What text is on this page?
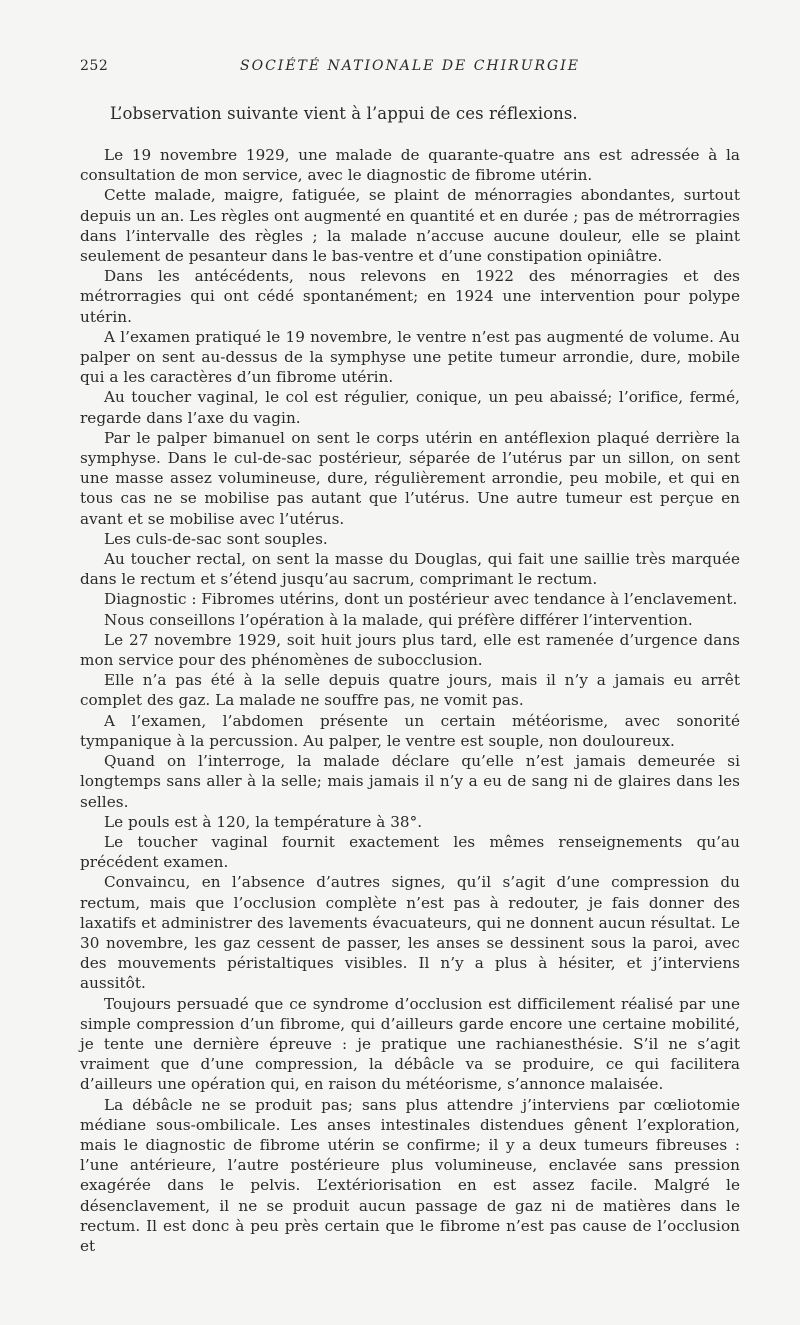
252	SOCIÉTÉ NATIONALE DE CHIRURGIE
L’observation suivante vient à l’appui de ces réflexions.

Le 19 novembre 1929, une malade de quarante-quatre ans est adressée à la consultation de mon service, avec le diagnostic de fibrome utérin.

Cette malade, maigre, fatiguée, se plaint de ménorragies abondantes, surtout depuis un an. Les règles ont augmenté en quantité et en durée ; pas de métrorragies dans l’intervalle des règles ; la malade n’accuse aucune douleur, elle se plaint seulement de pesanteur dans le bas-ventre et d’une constipation opiniâtre.

Dans les antécédents, nous relevons en 1922 des ménorragies et des métrorragies qui ont cédé spontanément; en 1924 une intervention pour polype utérin.

A l’examen pratiqué le 19 novembre, le ventre n’est pas augmenté de volume. Au palper on sent au-dessus de la symphyse une petite tumeur arrondie, dure, mobile qui a les caractères d’un fibrome utérin.

Au toucher vaginal, le col est régulier, conique, un peu abaissé; l’orifice, fermé, regarde dans l’axe du vagin.

Par le palper bimanuel on sent le corps utérin en antéflexion plaqué derrière la symphyse. Dans le cul-de-sac postérieur, séparée de l’utérus par un sillon, on sent une masse assez volumineuse, dure, régulièrement arrondie, peu mobile, et qui en tous cas ne se mobilise pas autant que l’utérus. Une autre tumeur est perçue en avant et se mobilise avec l’utérus.

Les culs-de-sac sont souples.

Au toucher rectal, on sent la masse du Douglas, qui fait une saillie très marquée dans le rectum et s’étend jusqu’au sacrum, comprimant le rectum.

Diagnostic : Fibromes utérins, dont un postérieur avec tendance à l’enclavement.

Nous conseillons l’opération à la malade, qui préfère différer l’intervention.

Le 27 novembre 1929, soit huit jours plus tard, elle est ramenée d’urgence dans mon service pour des phénomènes de subocclusion.

Elle n’a pas été à la selle depuis quatre jours, mais il n’y a jamais eu arrêt complet des gaz. La malade ne souffre pas, ne vomit pas.

A l’examen, l’abdomen présente un certain météorisme, avec sonorité tympanique à la percussion. Au palper, le ventre est souple, non douloureux.

Quand on l’interroge, la malade déclare qu’elle n’est jamais demeurée si longtemps sans aller à la selle; mais jamais il n’y a eu de sang ni de glaires dans les selles.

Le pouls est à 120, la température à 38°.

Le toucher vaginal fournit exactement les mêmes renseignements qu’au précédent examen.

Convaincu, en l’absence d’autres signes, qu’il s’agit d’une compression du rectum, mais que l’occlusion complète n’est pas à redouter, je fais donner des laxatifs et administrer des lavements évacuateurs, qui ne donnent aucun résultat. Le 30 novembre, les gaz cessent de passer, les anses se dessinent sous la paroi, avec des mouvements péristaltiques visibles. Il n’y a plus à hésiter, et j’interviens aussitôt.

Toujours persuadé que ce syndrome d’occlusion est difficilement réalisé par une simple compression d’un fibrome, qui d’ailleurs garde encore une certaine mobilité, je tente une dernière épreuve : je pratique une rachianesthésie. S’il ne s’agit vraiment que d’une compression, la débâcle va se produire, ce qui facilitera d’ailleurs une opération qui, en raison du météorisme, s’annonce malaisée.

La débâcle ne se produit pas; sans plus attendre j’interviens par cœliotomie médiane sous-ombilicale. Les anses intestinales distendues gênent l’exploration, mais le diagnostic de fibrome utérin se confirme; il y a deux tumeurs fibreuses : l’une antérieure, l’autre postérieure plus volumineuse, enclavée sans pression exagérée dans le pelvis. L’extériorisation en est assez facile. Malgré le désenclavement, il ne se produit aucun passage de gaz ni de matières dans le rectum. Il est donc à peu près certain que le fibrome n’est pas cause de l’occlusion et
